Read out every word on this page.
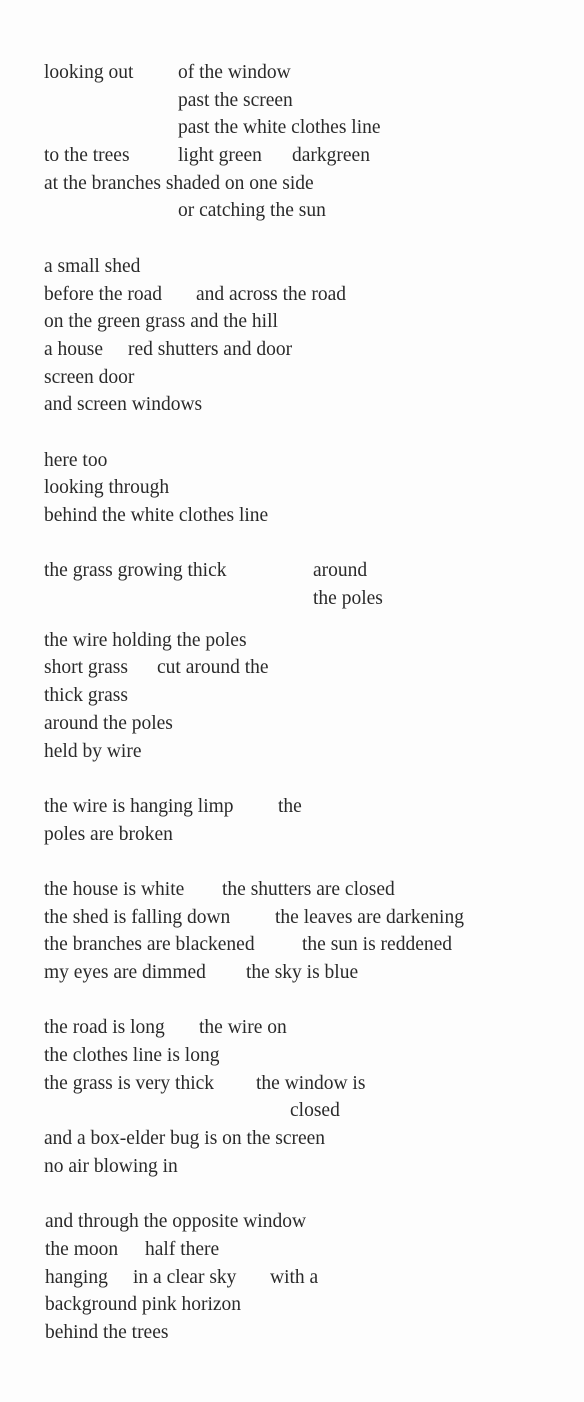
looking out

of the window

past the screen

past the white clothes line

to the trees

light green

darkgreen

at the branches shaded on one side

or catching the sun

a small shed

before the road

and across the road

on the green grass and the hill

a house

red shutters and door

screen door

and screen windows

here too

looking through

behind the white clothes line

the grass growing thick

	around

the poles

the wire holding the poles

short grass

cut around the

thick grass

around the poles

held by wire

the wire is hanging limp

the

poles are broken

the house is white

the shutters are closed

the shed is falling down

the leaves are darkening

the branches are blackened

the sun is reddened

my eyes are dimmed

the sky is blue

the road is long

the wire on

the clothes line is long

the grass is very thick

the window is

closed

and a box-elder bug is on the screen

no air blowing in

and through the opposite window

the moon

half there

hanging

in a clear sky

with a

background pink horizon

behind the trees
